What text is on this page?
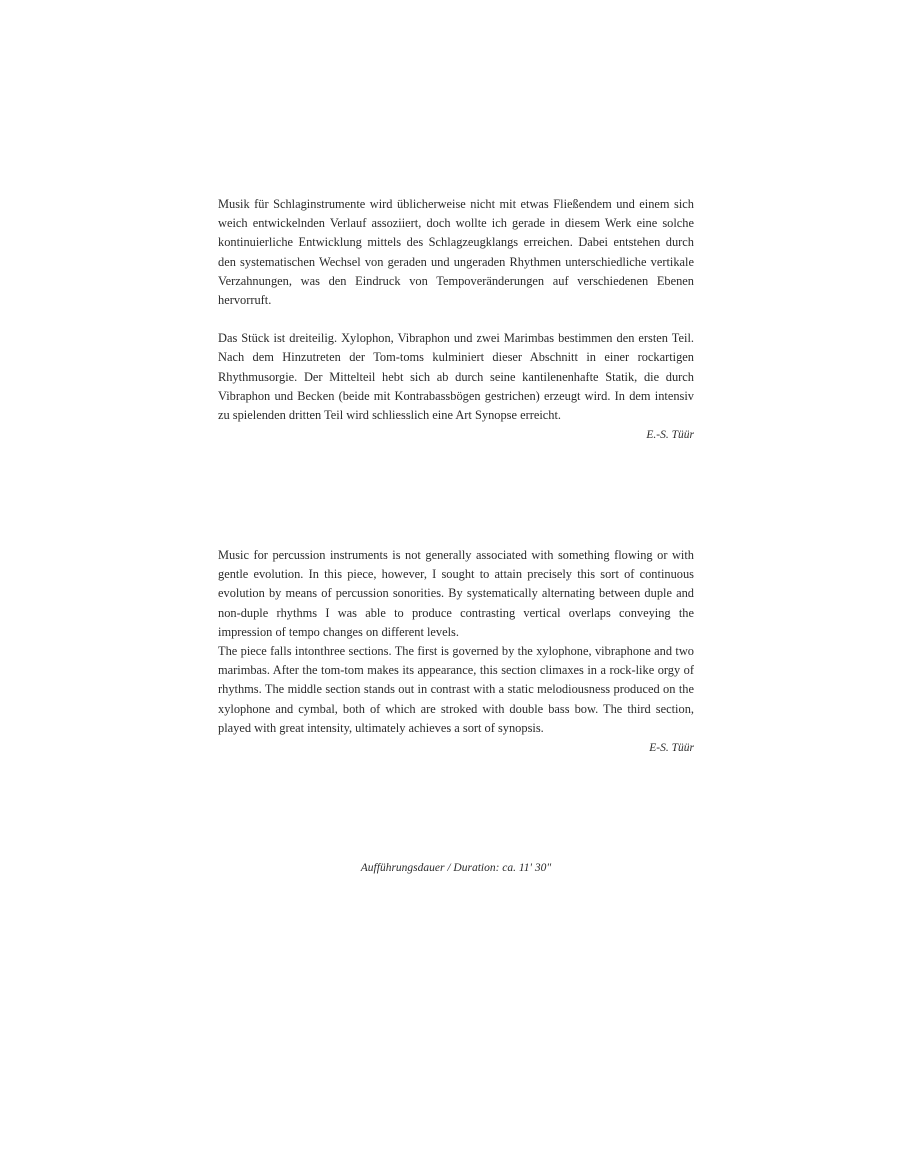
Musik für Schlaginstrumente wird üblicherweise nicht mit etwas Fließendem und einem sich weich entwickelnden Verlauf assoziiert, doch wollte ich gerade in diesem Werk eine solche kontinuierliche Entwicklung mittels des Schlagzeugklangs erreichen. Dabei entstehen durch den systematischen Wechsel von geraden und ungeraden Rhythmen unterschiedliche vertikale Verzahnungen, was den Eindruck von Tempoveränderungen auf verschiedenen Ebenen hervorruft.

Das Stück ist dreiteilig. Xylophon, Vibraphon und zwei Marimbas bestimmen den ersten Teil. Nach dem Hinzutreten der Tom-toms kulminiert dieser Abschnitt in einer rockartigen Rhythmusorgie. Der Mittelteil hebt sich ab durch seine kantilenenhafte Statik, die durch Vibraphon und Becken (beide mit Kontrabassbögen gestrichen) erzeugt wird. In dem intensiv zu spielenden dritten Teil wird schliesslich eine Art Synopse erreicht.

E.-S. Tüür

Music for percussion instruments is not generally associated with something flowing or with gentle evolution. In this piece, however, I sought to attain precisely this sort of continuous evolution by means of percussion sonorities. By systematically alternating between duple and non-duple rhythms I was able to produce contrasting vertical overlaps conveying the impression of tempo changes on different levels.

The piece falls intonthree sections. The first is governed by the xylophone, vibraphone and two marimbas. After the tom-tom makes its appearance, this section climaxes in a rock-like orgy of rhythms. The middle section stands out in contrast with a static melodiousness produced on the xylophone and cymbal, both of which are stroked with double bass bow. The third section, played with great intensity, ultimately achieves a sort of synopsis.

E-S. Tüür
Aufführungsdauer / Duration: ca. 11' 30"
